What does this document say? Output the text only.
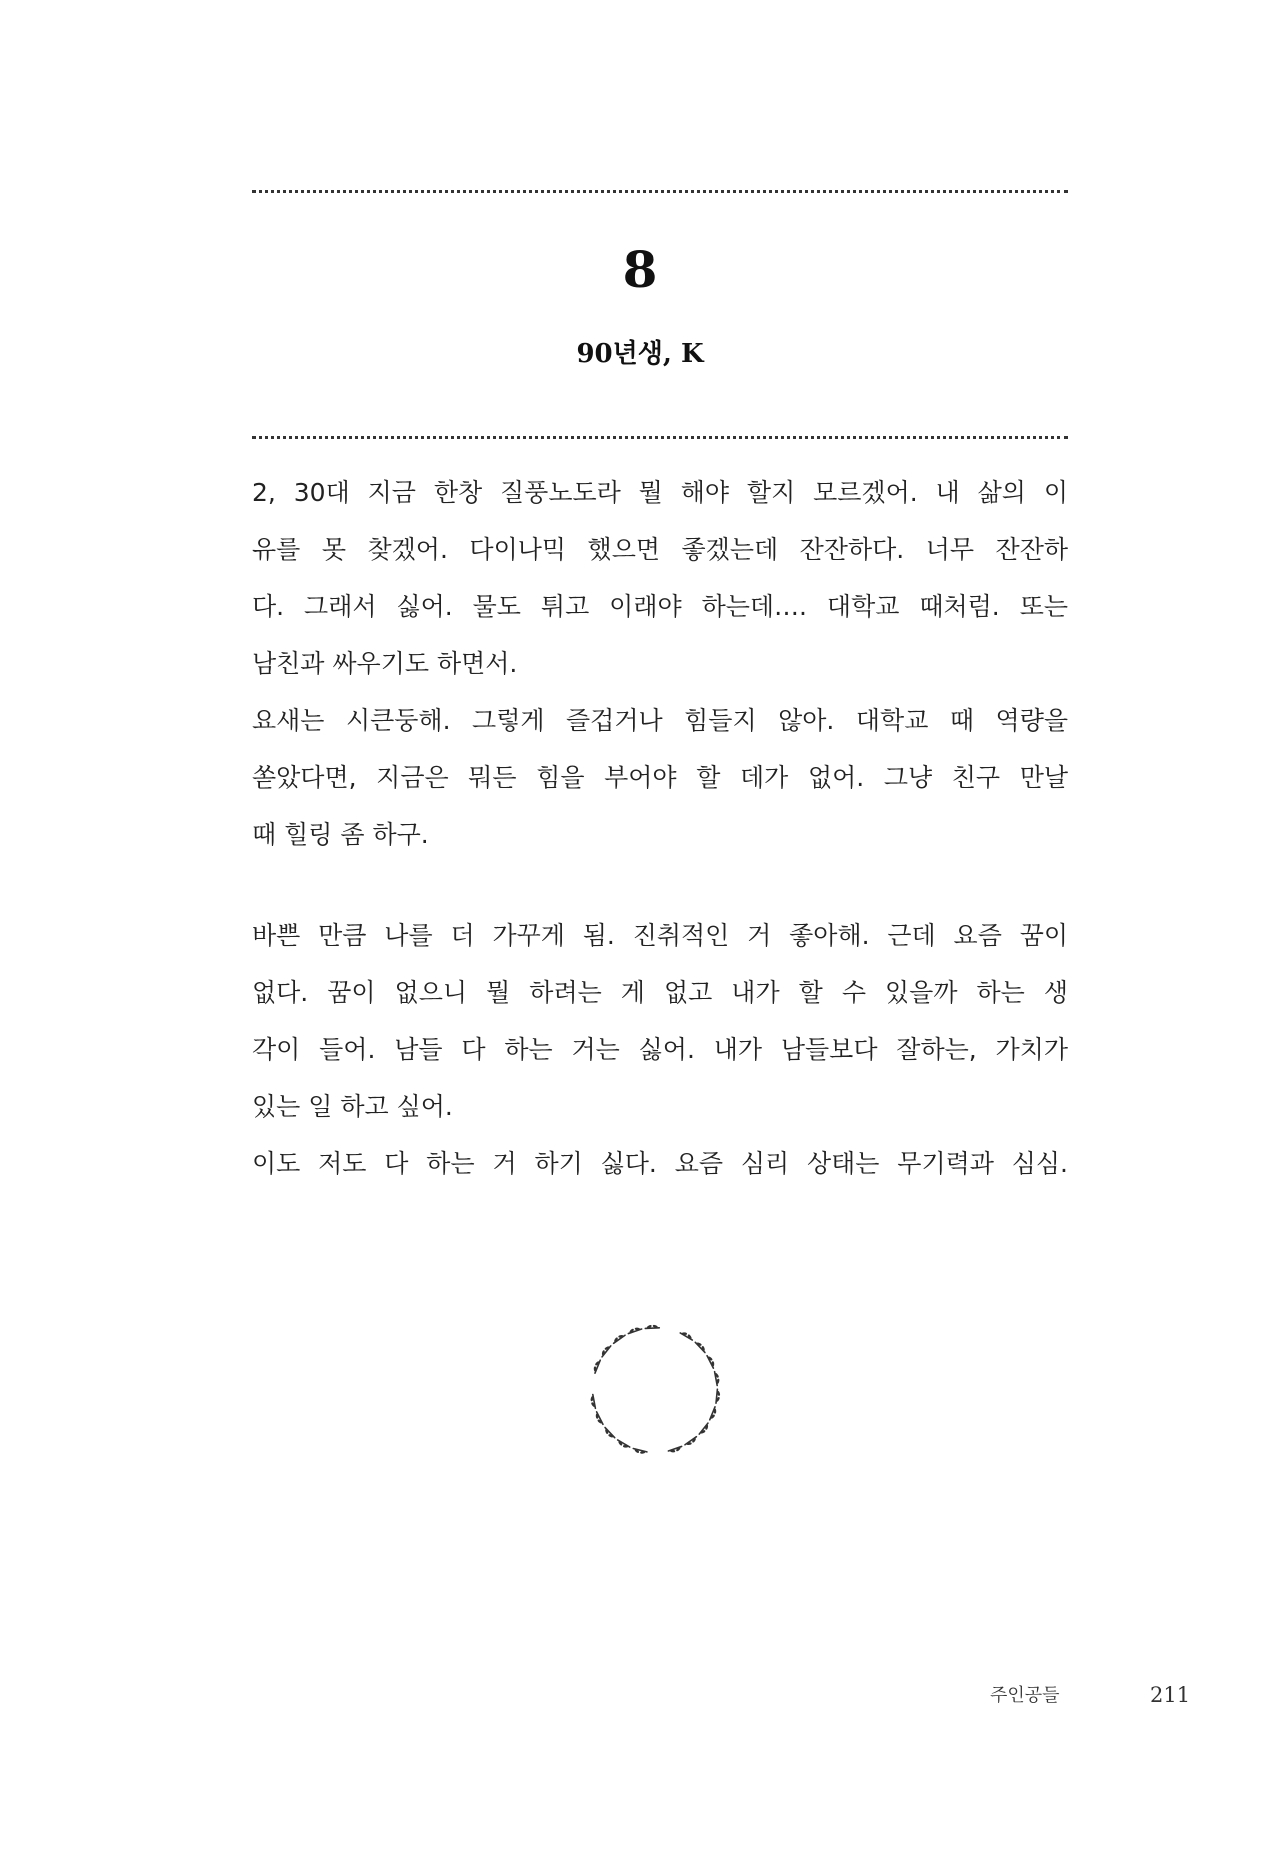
8
90년생, K
2, 30대 지금 한창 질풍노도라 뭘 해야 할지 모르겠어. 내 삶의 이
유를 못 찾겠어. 다이나믹 했으면 좋겠는데 잔잔하다. 너무 잔잔하
다. 그래서 싫어. 물도 튀고 이래야 하는데…. 대학교 때처럼. 또는
남친과 싸우기도 하면서.
요새는 시큰둥해. 그렇게 즐겁거나 힘들지 않아. 대학교 때 역량을
쏟았다면, 지금은 뭐든 힘을 부어야 할 데가 없어. 그냥 친구 만날
때 힐링 좀 하구.
바쁜 만큼 나를 더 가꾸게 됨. 진취적인 거 좋아해. 근데 요즘 꿈이
없다. 꿈이 없으니 뭘 하려는 게 없고 내가 할 수 있을까 하는 생
각이 들어. 남들 다 하는 거는 싫어. 내가 남들보다 잘하는, 가치가
있는 일 하고 싶어.
이도 저도 다 하는 거 하기 싫다. 요즘 심리 상태는 무기력과 심심.
주인공들	211
